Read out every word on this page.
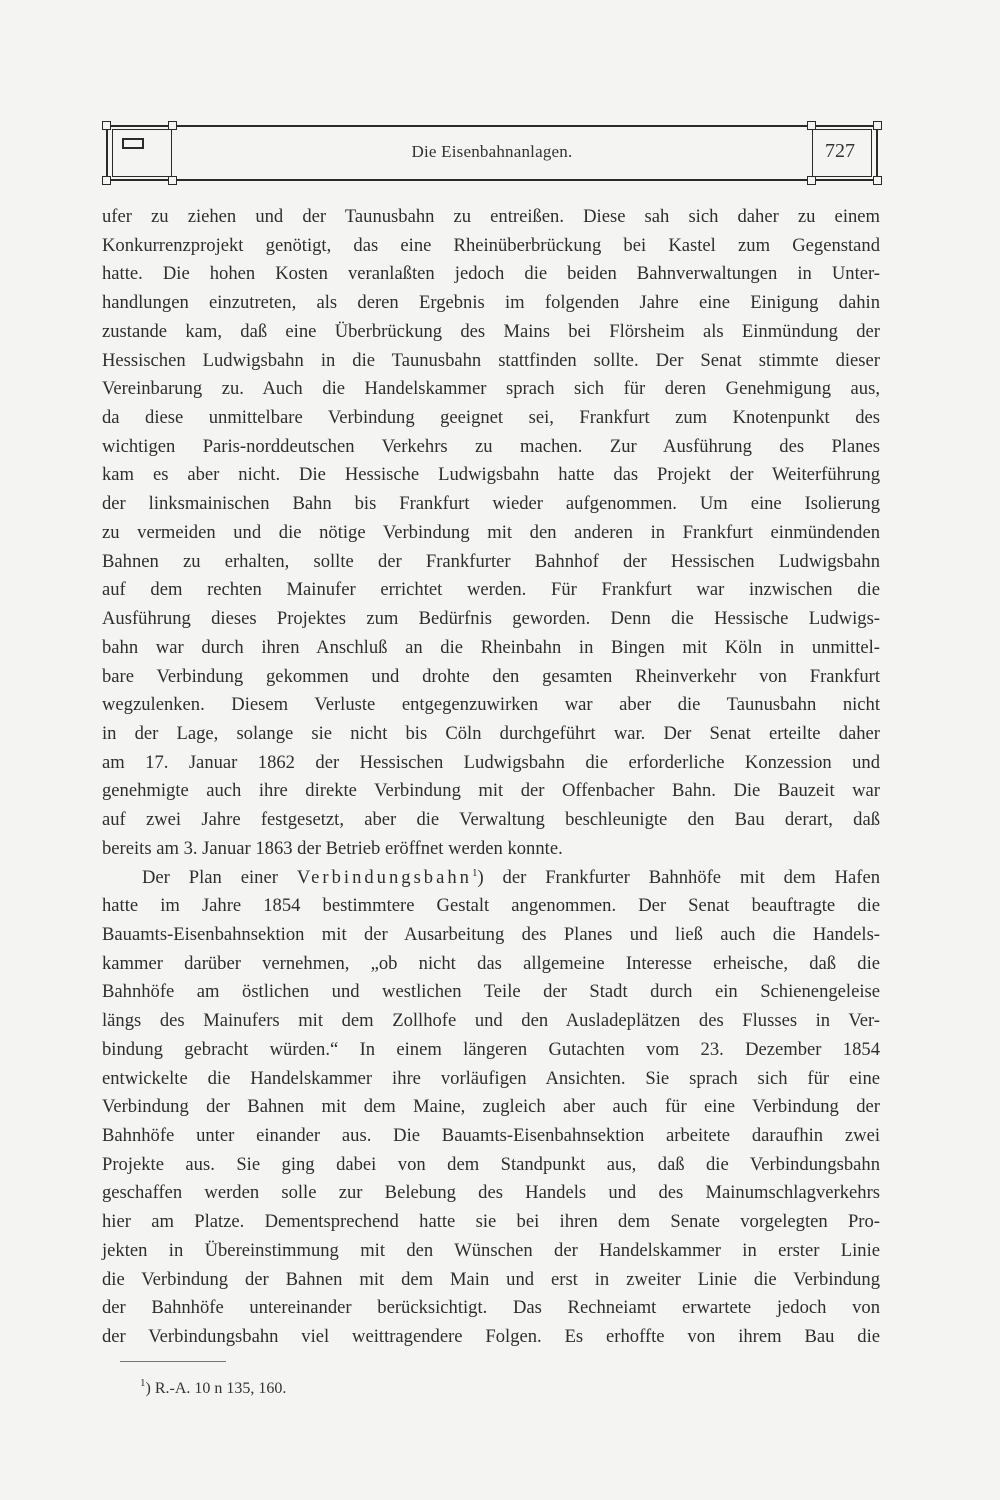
Die Eisenbahnanlagen.	727
ufer zu ziehen und der Taunusbahn zu entreißen. Diese sah sich daher zu einem
Konkurrenzprojekt genötigt, das eine Rheinüberbrückung bei Kastel zum Gegenstand
hatte. Die hohen Kosten veranlaßten jedoch die beiden Bahnverwaltungen in Unter-
handlungen einzutreten, als deren Ergebnis im folgenden Jahre eine Einigung dahin
zustande kam, daß eine Überbrückung des Mains bei Flörsheim als Einmündung der
Hessischen Ludwigsbahn in die Taunusbahn stattfinden sollte. Der Senat stimmte dieser
Vereinbarung zu. Auch die Handelskammer sprach sich für deren Genehmigung aus,
da diese unmittelbare Verbindung geeignet sei, Frankfurt zum Knotenpunkt des
wichtigen Paris-norddeutschen Verkehrs zu machen. Zur Ausführung des Planes
kam es aber nicht. Die Hessische Ludwigsbahn hatte das Projekt der Weiterführung
der linksmainischen Bahn bis Frankfurt wieder aufgenommen. Um eine Isolierung
zu vermeiden und die nötige Verbindung mit den anderen in Frankfurt einmündenden
Bahnen zu erhalten, sollte der Frankfurter Bahnhof der Hessischen Ludwigsbahn
auf dem rechten Mainufer errichtet werden. Für Frankfurt war inzwischen die
Ausführung dieses Projektes zum Bedürfnis geworden. Denn die Hessische Ludwigs-
bahn war durch ihren Anschluß an die Rheinbahn in Bingen mit Köln in unmittel-
bare Verbindung gekommen und drohte den gesamten Rheinverkehr von Frankfurt
wegzulenken. Diesem Verluste entgegenzuwirken war aber die Taunusbahn nicht
in der Lage, solange sie nicht bis Cöln durchgeführt war. Der Senat erteilte daher
am 17. Januar 1862 der Hessischen Ludwigsbahn die erforderliche Konzession und
genehmigte auch ihre direkte Verbindung mit der Offenbacher Bahn. Die Bauzeit war
auf zwei Jahre festgesetzt, aber die Verwaltung beschleunigte den Bau derart, daß
bereits am 3. Januar 1863 der Betrieb eröffnet werden konnte.
Der Plan einer Verbindungsbahn$^1$) der Frankfurter Bahnhöfe mit dem Hafen
hatte im Jahre 1854 bestimmtere Gestalt angenommen. Der Senat beauftragte die
Bauamts-Eisenbahnsektion mit der Ausarbeitung des Planes und ließ auch die Handels-
kammer darüber vernehmen, „ob nicht das allgemeine Interesse erheische, daß die
Bahnhöfe am östlichen und westlichen Teile der Stadt durch ein Schienengeleise
längs des Mainufers mit dem Zollhofe und den Ausladeplätzen des Flusses in Ver-
bindung gebracht würden.“ In einem längeren Gutachten vom 23. Dezember 1854
entwickelte die Handelskammer ihre vorläufigen Ansichten. Sie sprach sich für eine
Verbindung der Bahnen mit dem Maine, zugleich aber auch für eine Verbindung der
Bahnhöfe unter einander aus. Die Bauamts-Eisenbahnsektion arbeitete daraufhin zwei
Projekte aus. Sie ging dabei von dem Standpunkt aus, daß die Verbindungsbahn
geschaffen werden solle zur Belebung des Handels und des Mainumschlagverkehrs
hier am Platze. Dementsprechend hatte sie bei ihren dem Senate vorgelegten Pro-
jekten in Übereinstimmung mit den Wünschen der Handelskammer in erster Linie
die Verbindung der Bahnen mit dem Main und erst in zweiter Linie die Verbindung
der Bahnhöfe untereinander berücksichtigt. Das Rechneiamt erwartete jedoch von
der Verbindungsbahn viel weittragendere Folgen. Es erhoffte von ihrem Bau die
$^1$) R.-A. 10 n 135, 160.
